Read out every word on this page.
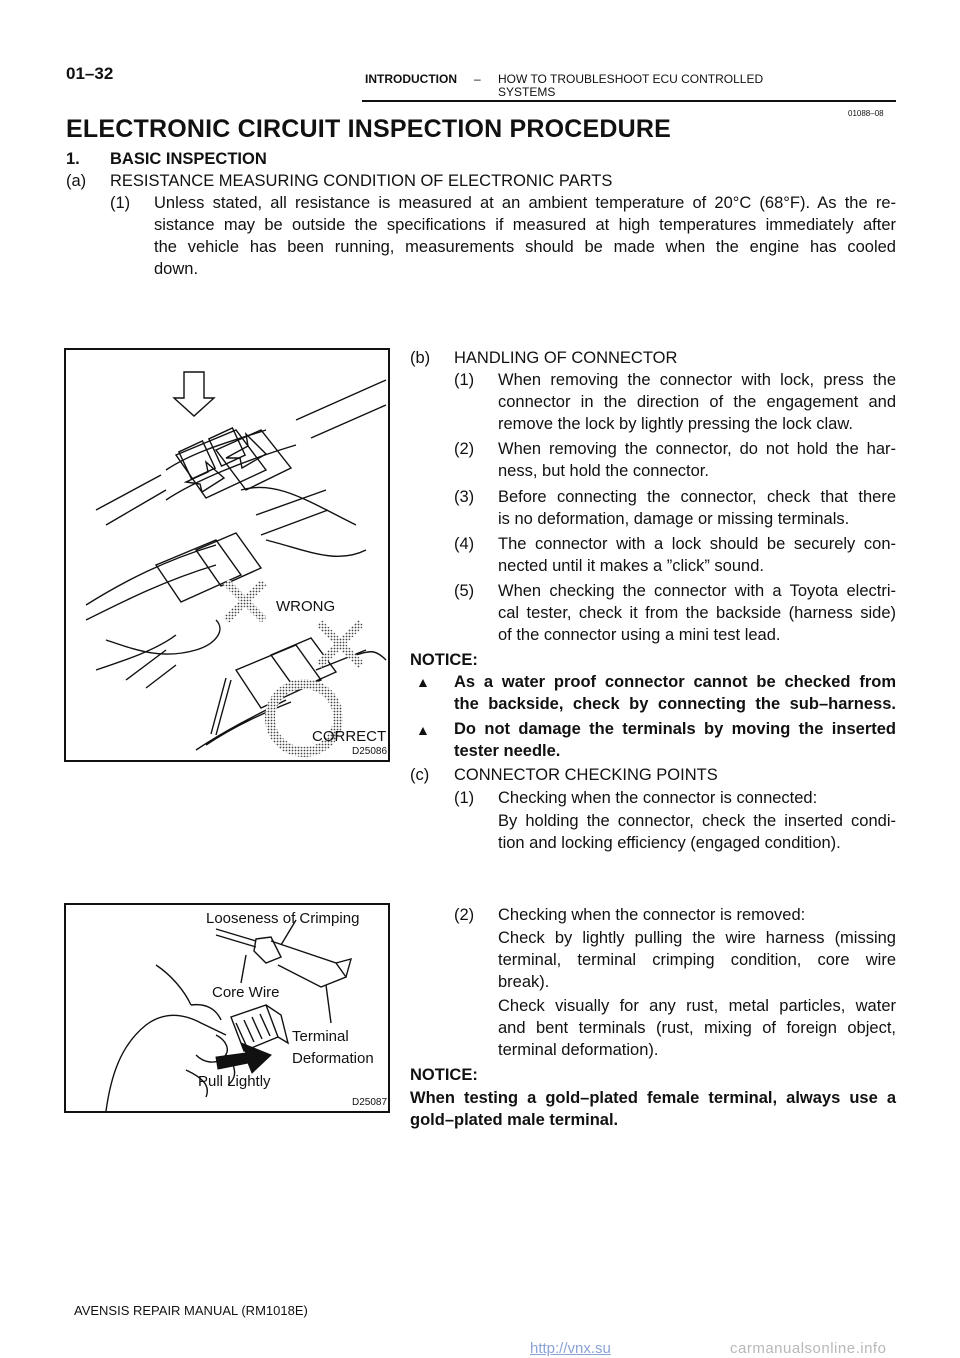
01–32	INTRODUCTION – HOW TO TROUBLESHOOT ECU CONTROLLED
SYSTEMS
01088–08
ELECTRONIC CIRCUIT INSPECTION PROCEDURE
1. BASIC INSPECTION
(a) RESISTANCE MEASURING CONDITION OF ELECTRONIC PARTS
(1) Unless stated, all resistance is measured at an ambient temperature of 20°C (68°F). As the re-
sistance may be outside the specifications if measured at high temperatures immediately after
the vehicle has been running, measurements should be made when the engine has cooled
down.
WRONG
CORRECT
D25086
(b) HANDLING OF CONNECTOR
(1) When removing the connector with lock, press the
connector in the direction of the engagement and
remove the lock by lightly pressing the lock claw.
(2) When removing the connector, do not hold the har-
ness, but hold the connector.
(3) Before connecting the connector, check that there
is no deformation, damage or missing terminals.
(4) The connector with a lock should be securely con-
nected until it makes a ”click” sound.
(5) When checking the connector with a Toyota electri-
cal tester, check it from the backside (harness side)
of the connector using a mini test lead.
NOTICE:
▲ As a water proof connector cannot be checked from
the backside, check by connecting the sub–harness.
▲ Do not damage the terminals by moving the inserted
tester needle.
(c) CONNECTOR CHECKING POINTS
(1) Checking when the connector is connected:
By holding the connector, check the inserted condi-
tion and locking efficiency (engaged condition).
(2) Checking when the connector is removed:
Check by lightly pulling the wire harness (missing
terminal, terminal crimping condition, core wire
break).
Check visually for any rust, metal particles, water
and bent terminals (rust, mixing of foreign object,
terminal deformation).
NOTICE:
When testing a gold–plated female terminal, always use a
gold–plated male terminal.
Looseness of Crimping
Core Wire
Terminal
Deformation
Pull Lightly
D25087
AVENSIS REPAIR MANUAL (RM1018E)
http://vnx.su	carmanualsonline.info
